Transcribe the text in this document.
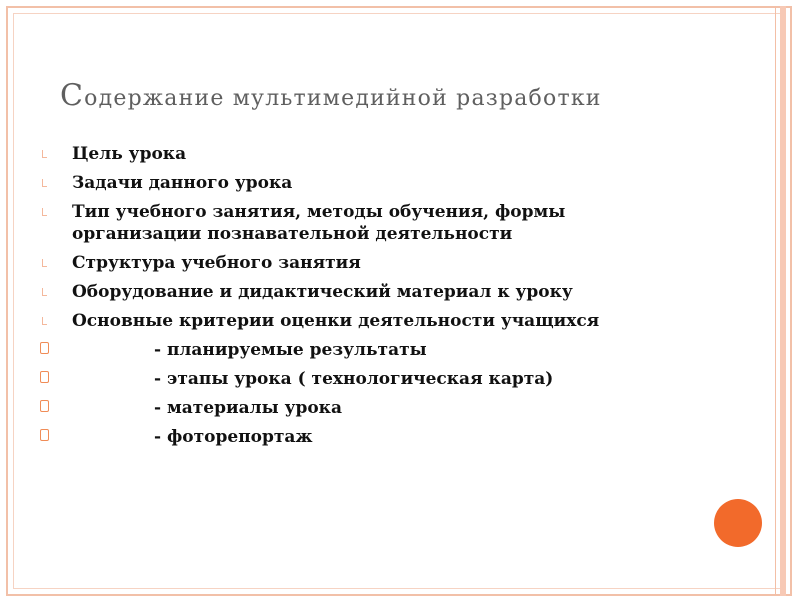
Содержание мультимедийной разработки
Цель урока
Задачи данного урока
Тип учебного занятия, методы обучения, формы
организации познавательной деятельности
Структура учебного занятия
Оборудование и дидактический материал к уроку
Основные критерии оценки деятельности учащихся
- планируемые результаты
- этапы урока ( технологическая карта)
- материалы урока
- фоторепортаж
